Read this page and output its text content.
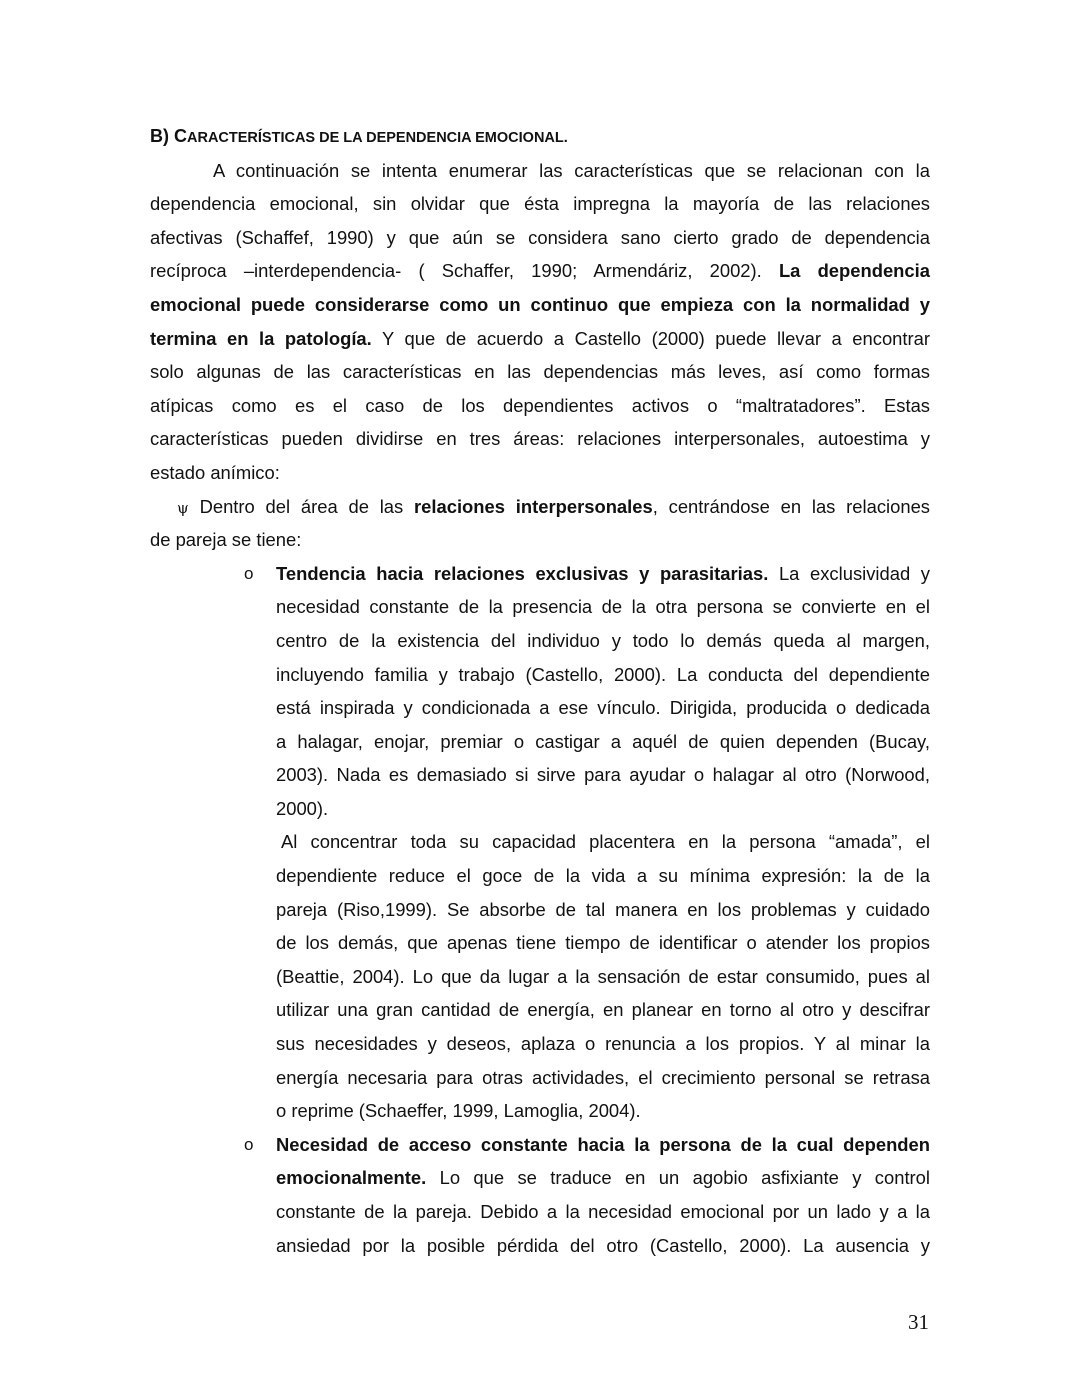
B) CARACTERÍSTICAS DE LA DEPENDENCIA EMOCIONAL.
A continuación se intenta enumerar las características que se relacionan con la
dependencia emocional, sin olvidar que ésta impregna la mayoría de las relaciones
afectivas (Schaffef, 1990) y que aún se considera sano cierto grado de dependencia
recíproca –interdependencia- ( Schaffer, 1990; Armendáriz, 2002). La dependencia
emocional puede considerarse como un continuo que empieza con la normalidad y
termina en la patología. Y que de acuerdo a Castello (2000) puede llevar a encontrar
solo algunas de las características en las dependencias más leves, así como formas
atípicas como es el caso de los dependientes activos o “maltratadores”. Estas
características pueden dividirse en tres áreas: relaciones interpersonales, autoestima y
estado anímico:
ψ Dentro del área de las relaciones interpersonales, centrándose en las relaciones
de pareja se tiene:
o Tendencia hacia relaciones exclusivas y parasitarias. La exclusividad y
necesidad constante de la presencia de la otra persona se convierte en el
centro de la existencia del individuo y todo lo demás queda al margen,
incluyendo familia y trabajo (Castello, 2000). La conducta del dependiente
está inspirada y condicionada a ese vínculo. Dirigida, producida o dedicada
a halagar, enojar, premiar o castigar a aquél de quien dependen (Bucay,
2003). Nada es demasiado si sirve para ayudar o halagar al otro (Norwood,
2000).
Al concentrar toda su capacidad placentera en la persona “amada”, el
dependiente reduce el goce de la vida a su mínima expresión: la de la
pareja (Riso,1999). Se absorbe de tal manera en los problemas y cuidado
de los demás, que apenas tiene tiempo de identificar o atender los propios
(Beattie, 2004). Lo que da lugar a la sensación de estar consumido, pues al
utilizar una gran cantidad de energía, en planear en torno al otro y descifrar
sus necesidades y deseos, aplaza o renuncia a los propios. Y al minar la
energía necesaria para otras actividades, el crecimiento personal se retrasa
o reprime (Schaeffer, 1999, Lamoglia, 2004).
o Necesidad de acceso constante hacia la persona de la cual dependen
emocionalmente. Lo que se traduce en un agobio asfixiante y control
constante de la pareja. Debido a la necesidad emocional por un lado y a la
ansiedad por la posible pérdida del otro (Castello, 2000). La ausencia y
31
